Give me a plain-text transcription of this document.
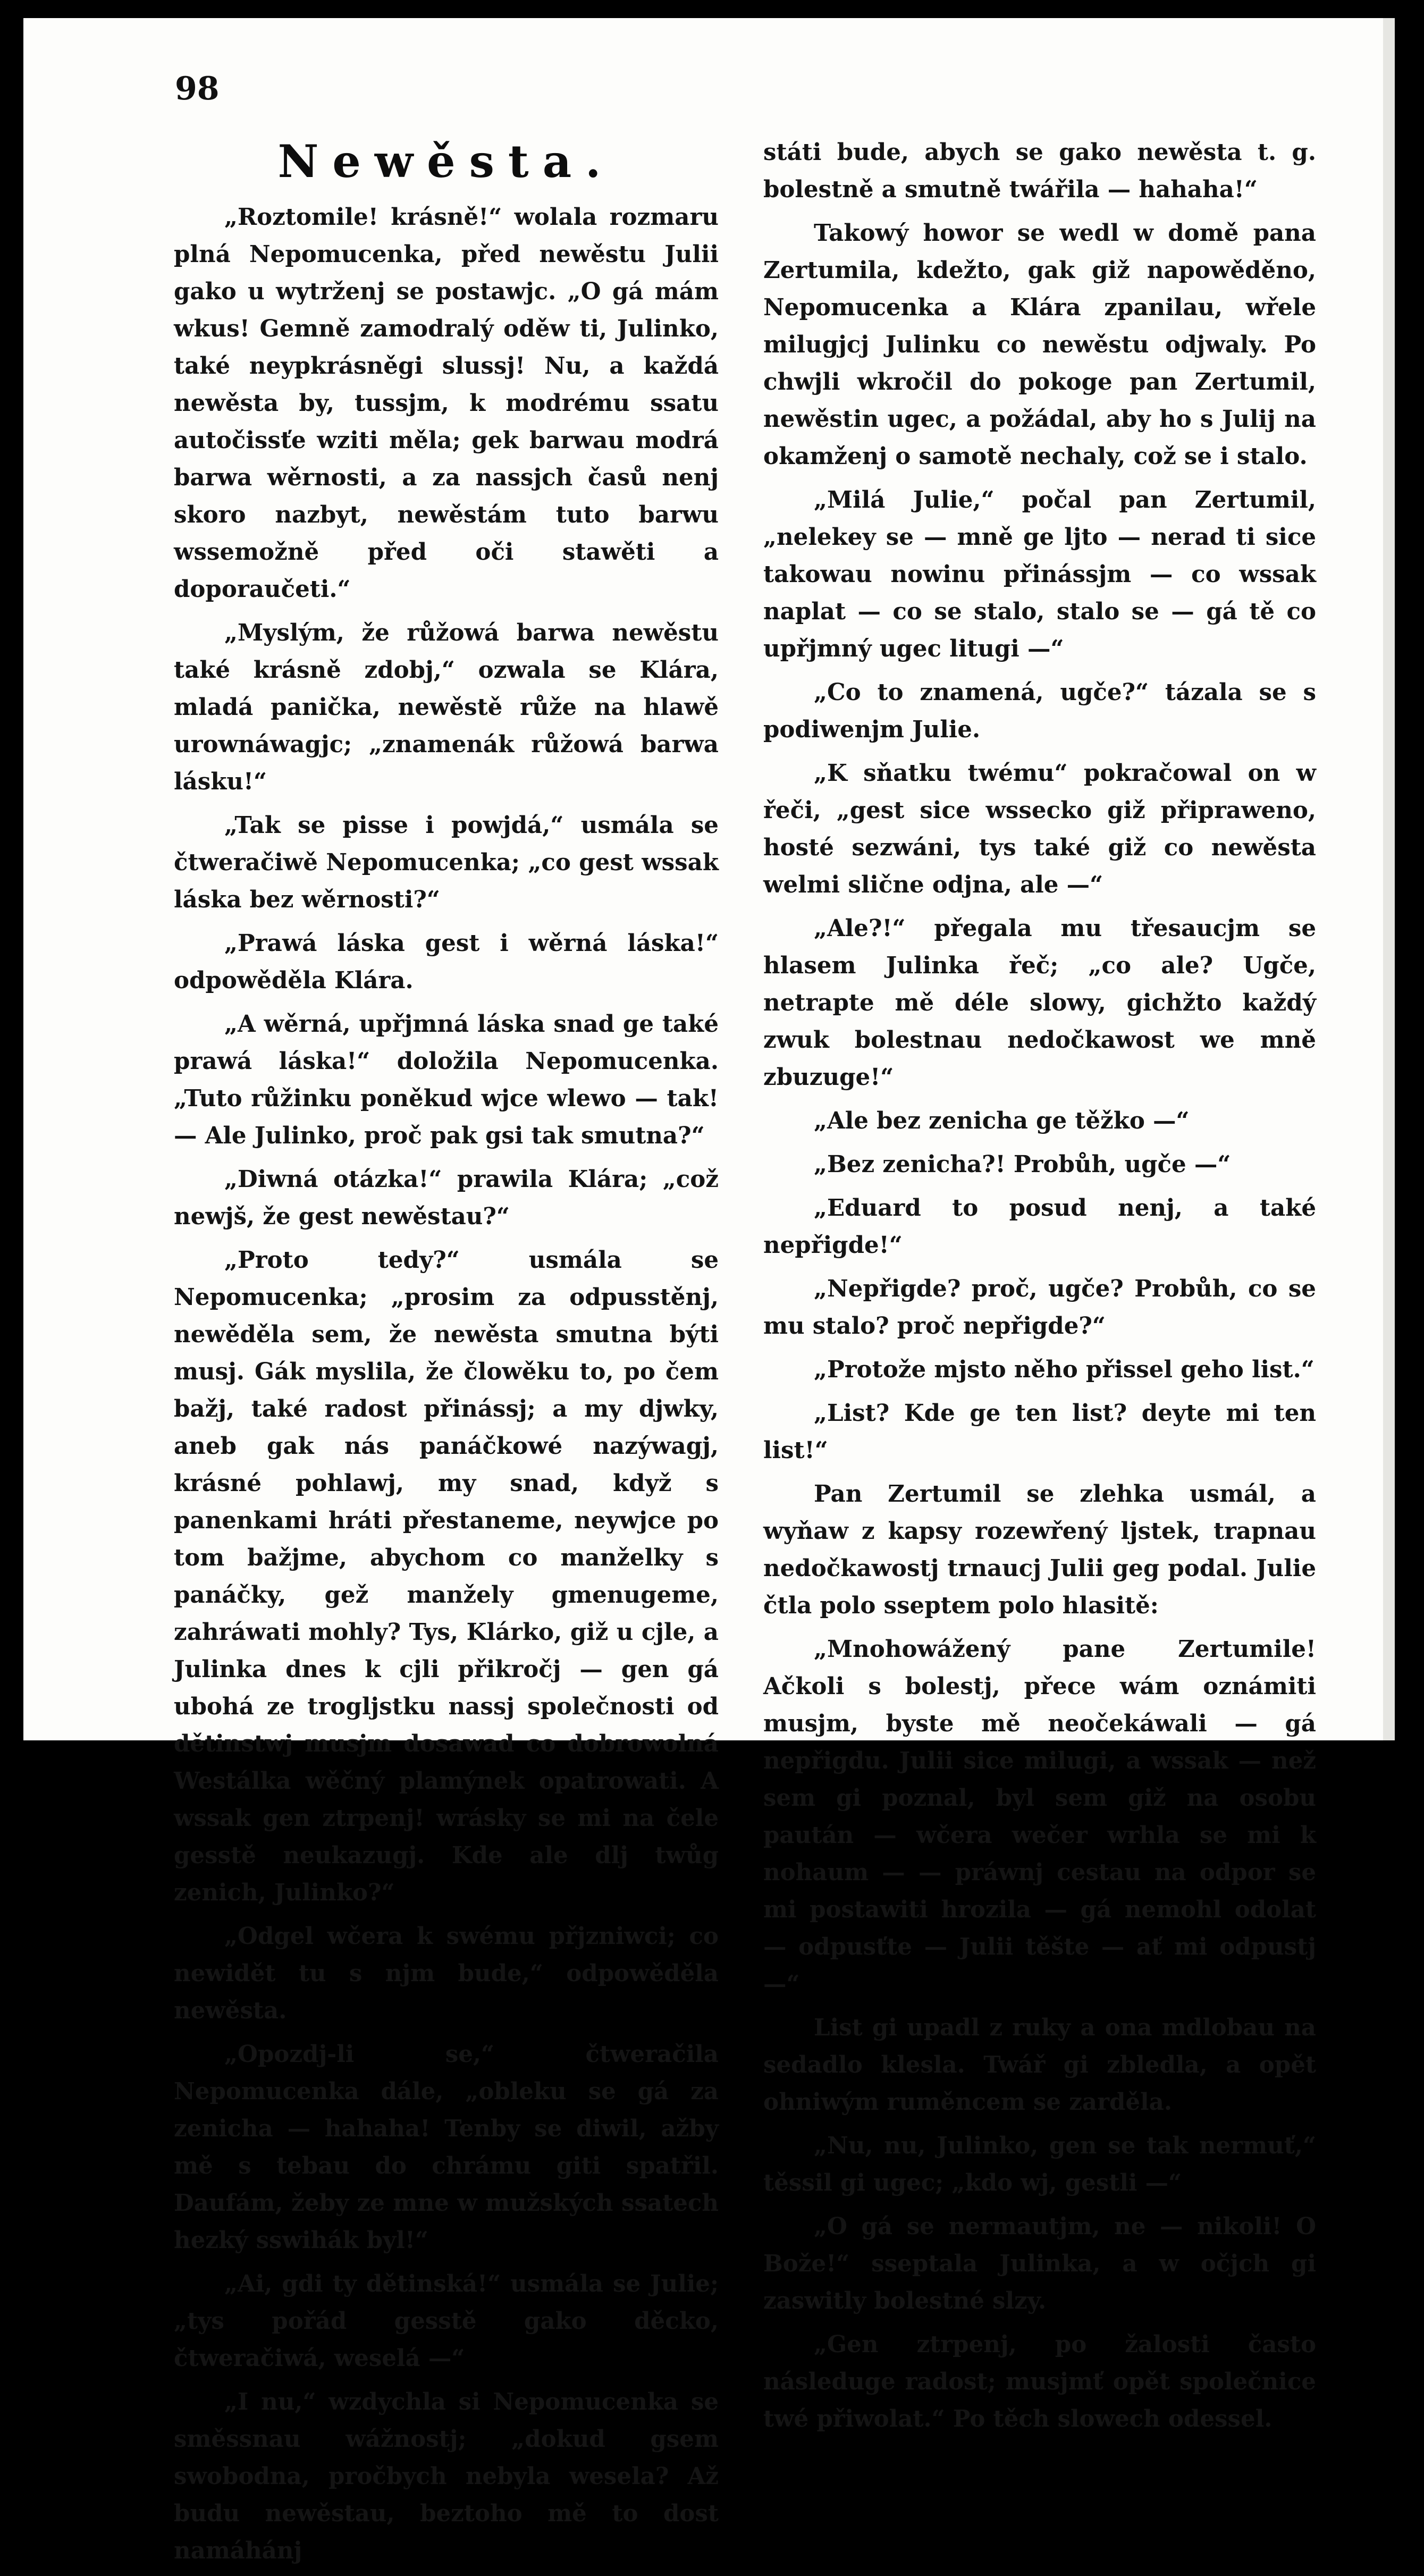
98
Newěsta.

„Roztomile! krásně!“ wolala rozmaru plná Nepomucenka, před newěstu Julii gako u wytrženj se postawjc. „O gá mám wkus! Gemně zamodralý oděw ti, Julinko, také neypkrásněgi slussj! Nu, a každá newěsta by, tussjm, k modrému ssatu autočissťe wziti měla; gek barwau modrá barwa wěrnosti, a za nassjch časů nenj skoro nazbyt, newěstám tuto barwu wssemožně před oči stawěti a doporaučeti.“

„Myslým, že růžowá barwa newěstu také krásně zdobj,“ ozwala se Klára, mladá panička, newěstě růže na hlawě urownáwagjc; „znamenák růžowá barwa lásku!“

„Tak se pisse i powjdá,“ usmála se čtweračiwě Nepomucenka; „co gest wssak láska bez wěrnosti?“

„Prawá láska gest i wěrná láska!“ odpowěděla Klára.

„A wěrná, upřjmná láska snad ge také prawá láska!“ doložila Nepomucenka. „Tuto růžinku poněkud wjce wlewo — tak! — Ale Julinko, proč pak gsi tak smutna?“

„Diwná otázka!“ prawila Klára; „což newjš, že gest newěstau?“

„Proto tedy?“ usmála se Nepomucenka; „prosim za odpusstěnj, newěděla sem, že newěsta smutna býti musj. Gák myslila, že člowěku to, po čem bažj, také radost přinássj; a my djwky, aneb gak nás panáčkowé nazýwagj, krásné pohlawj, my snad, když s panenkami hráti přestaneme, neywjce po tom bažjme, abychom co manželky s panáčky, gež manžely gmenugeme, zahráwati mohly? Tys, Klárko, giž u cjle, a Julinka dnes k cjli přikročj — gen gá ubohá ze trogljstku nassj společnosti od dětinstwj musjm dosawad co dobrowolná Westálka wěčný plamýnek opatrowati. A wssak gen ztrpenj! wrásky se mi na čele gesstě neukazugj. Kde ale dlj twůg zenich, Julinko?“

„Odgel wčera k swému přjzniwci; co newidět tu s njm bude,“ odpowěděla newěsta.

„Opozdj-li se,“ čtweračila Nepomucenka dále, „obleku se gá za zenicha — hahaha! Tenby se diwil, ažby mě s tebau do chrámu giti spatřil. Daufám, žeby ze mne w mužských ssatech hezký sswihák byl!“

„Ai, gdi ty dětinská!“ usmála se Julie; „tys pořád gesstě gako děcko, čtweračiwá, weselá —“

„I nu,“ wzdychla si Nepomucenka se směssnau wážnostj; „dokud gsem swobodna, pročbych nebyla wesela? Až budu newěstau, beztoho mě to dost namáhánj

státi bude, abych se gako newěsta t. g. bolestně a smutně twářila — hahaha!“

Takowý howor se wedl w domě pana Zertumila, kdežto, gak giž napowěděno, Nepomucenka a Klára zpanilau, wřele milugjcj Julinku co newěstu odjwaly. Po chwjli wkročil do pokoge pan Zertumil, newěstin ugec, a požádal, aby ho s Julij na okamženj o samotě nechaly, což se i stalo.

„Milá Julie,“ počal pan Zertumil, „nelekey se — mně ge ljto — nerad ti sice takowau nowinu přinássjm — co wssak naplat — co se stalo, stalo se — gá tě co upřjmný ugec litugi —“

„Co to znamená, ugče?“ tázala se s podiwenjm Julie.

„K sňatku twému“ pokračowal on w řeči, „gest sice wssecko giž připraweno, hosté sezwáni, tys také giž co newěsta welmi slične odjna, ale —“

„Ale?!“ přegala mu třesaucjm se hlasem Julinka řeč; „co ale? Ugče, netrapte mě déle slowy, gichžto každý zwuk bolestnau nedočkawost we mně zbuzuge!“

„Ale bez zenicha ge těžko —“

„Bez zenicha?! Probůh, ugče —“

„Eduard to posud nenj, a také nepřigde!“

„Nepřigde? proč, ugče? Probůh, co se mu stalo? proč nepřigde?“

„Protože mjsto něho přissel geho list.“

„List? Kde ge ten list? deyte mi ten list!“

Pan Zertumil se zlehka usmál, a wyňaw z kapsy rozewřený ljstek, trapnau nedočkawostj trnaucj Julii geg podal. Julie čtla polo sseptem polo hlasitě:

„Mnohowážený pane Zertumile! Ačkoli s bolestj, přece wám oznámiti musjm, byste mě neočekáwali — gá nepřigdu. Julii sice milugi, a wssak — než sem gi poznal, byl sem giž na osobu paután — wčera wečer wrhla se mi k nohaum — — práwnj cestau na odpor se mi postawiti hrozila — gá nemohl odolat — odpusťte — Julii těšte — ať mi odpustj —“

List gi upadl z ruky a ona mdlobau na sedadlo klesla. Twář gi zbledla, a opět ohniwým ruměncem se zarděla.

„Nu, nu, Julinko, gen se tak nermuť,“ těssil gi ugec; „kdo wj, gestli —“

„O gá se nermautjm, ne — nikoli! O Bože!“ sseptala Julinka, a w očjch gi zaswitly bolestné slzy.

„Gen ztrpenj, po žalosti často následuge radost; musjmť opět společnice twé přiwolat.“ Po těch slowech odessel.
